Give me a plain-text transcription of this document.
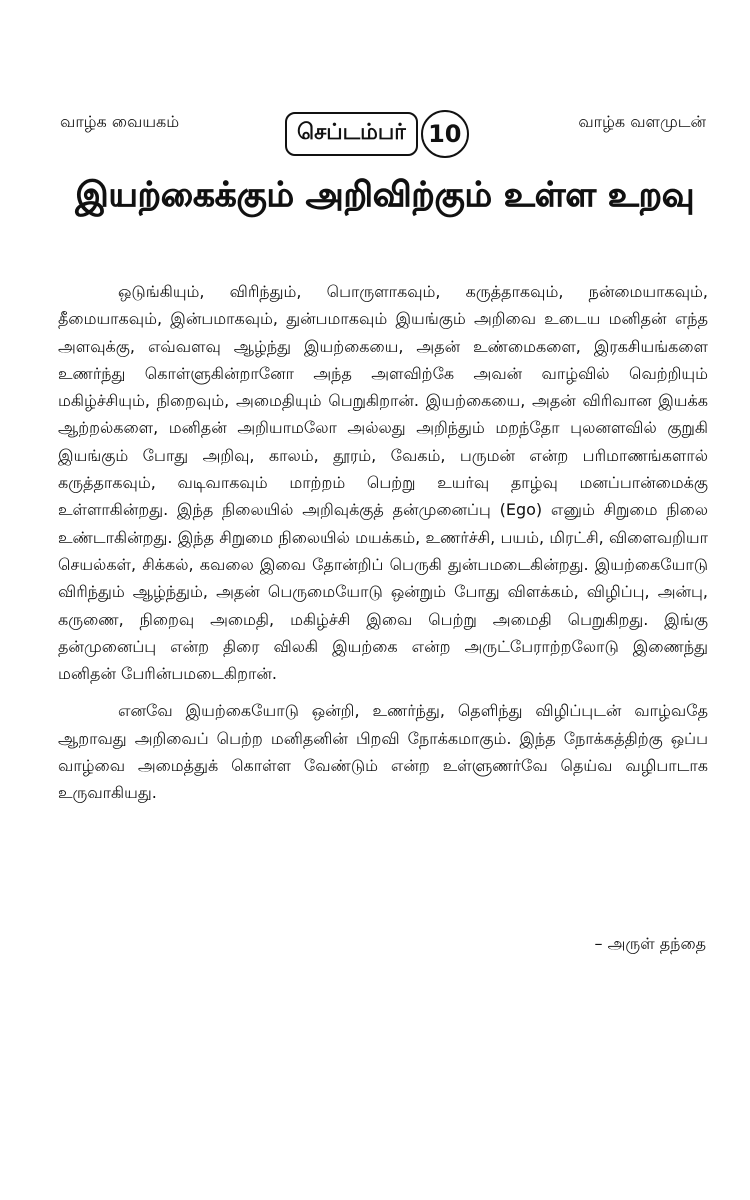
வாழ்க வையகம்	செப்டம்பர் 10	வாழ்க வளமுடன்
இயற்கைக்கும் அறிவிற்கும் உள்ள உறவு

ஒடுங்கியும், விரிந்தும், பொருளாகவும், கருத்தாகவும், நன்மையாகவும், தீமையாகவும், இன்பமாகவும், துன்பமாகவும் இயங்கும் அறிவை உடைய மனிதன் எந்த அளவுக்கு, எவ்வளவு ஆழ்ந்து இயற்கையை, அதன் உண்மைகளை, இரகசியங்களை உணர்ந்து கொள்ளுகின்றானோ அந்த அளவிற்கே அவன் வாழ்வில் வெற்றியும் மகிழ்ச்சியும், நிறைவும், அமைதியும் பெறுகிறான். இயற்கையை, அதன் விரிவான இயக்க ஆற்றல்களை, மனிதன் அறியாமலோ அல்லது அறிந்தும் மறந்தோ புலனளவில் குறுகி இயங்கும் போது அறிவு, காலம், தூரம், வேகம், பருமன் என்ற பரிமாணங்களால் கருத்தாகவும், வடிவாகவும் மாற்றம் பெற்று உயர்வு தாழ்வு மனப்பான்மைக்கு உள்ளாகின்றது. இந்த நிலையில் அறிவுக்குத் தன்முனைப்பு (Ego) எனும் சிறுமை நிலை உண்டாகின்றது. இந்த சிறுமை நிலையில் மயக்கம், உணர்ச்சி, பயம், மிரட்சி, விளைவறியா செயல்கள், சிக்கல், கவலை இவை தோன்றிப் பெருகி துன்பமடைகின்றது. இயற்கையோடு விரிந்தும் ஆழ்ந்தும், அதன் பெருமையோடு ஒன்றும் போது விளக்கம், விழிப்பு, அன்பு, கருணை, நிறைவு அமைதி, மகிழ்ச்சி இவை பெற்று அமைதி பெறுகிறது. இங்கு தன்முனைப்பு என்ற திரை விலகி இயற்கை என்ற அருட்பேராற்றலோடு இணைந்து மனிதன் பேரின்பமடைகிறான்.

எனவே இயற்கையோடு ஒன்றி, உணர்ந்து, தெளிந்து விழிப்புடன் வாழ்வதே ஆறாவது அறிவைப் பெற்ற மனிதனின் பிறவி நோக்கமாகும். இந்த நோக்கத்திற்கு ஒப்ப வாழ்வை அமைத்துக் கொள்ள வேண்டும் என்ற உள்ளுணர்வே தெய்வ வழிபாடாக உருவாகியது.

– அருள் தந்தை
